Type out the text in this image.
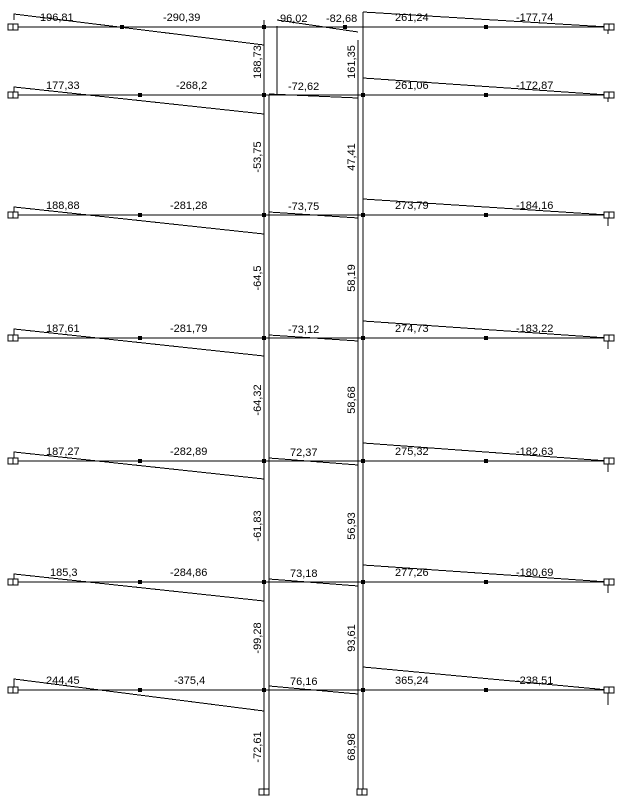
196,81	-290,39	96,02 -82,68	261,24	-177,74
177,33	-268,2	-72,62	261,06	-172,87
188,88	-281,28	-73,75	273,79	-184,16
187,61	-281,79	-73,12	274,73	-183,22
187,27	-282,89	72,37	275,32	-182,63
185,3	-284,86	73,18	277,26	-180,69
244,45	-375,4	76,16	365,24	-238,51
188,73
-53,75
-64,5
-64,32
-61,83
-99,28
-72,61
161,35
47,41
58,19
58,68
56,93
93,61
68,98
